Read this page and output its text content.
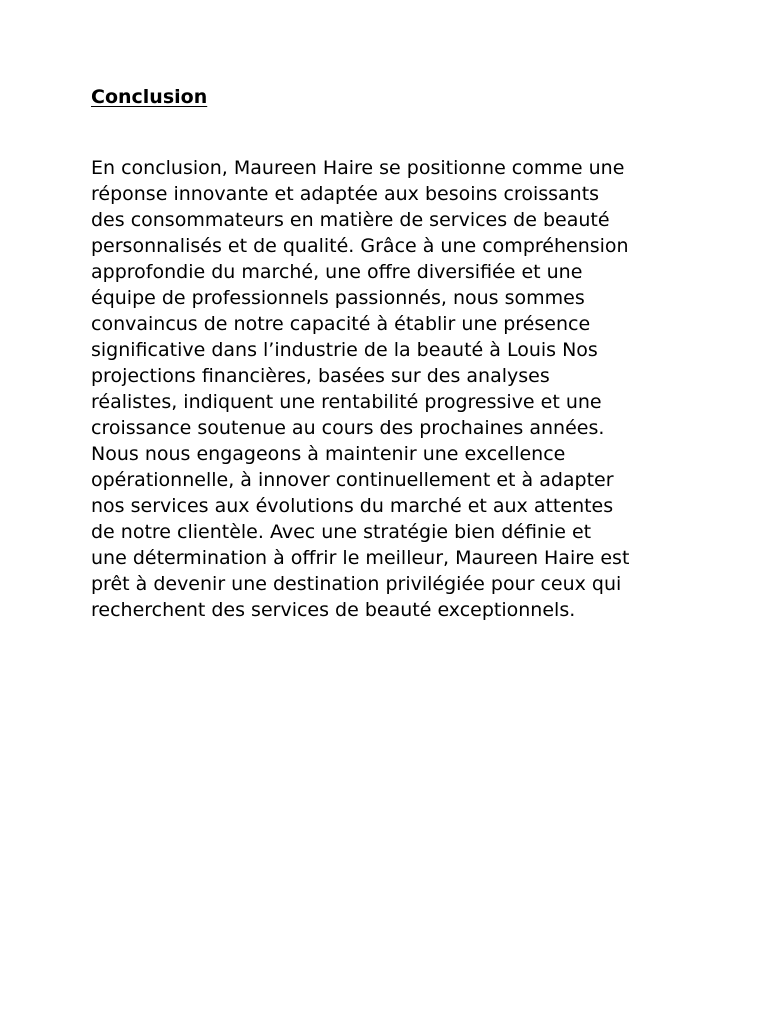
Conclusion

En conclusion, Maureen Haire se positionne comme une
réponse innovante et adaptée aux besoins croissants
des consommateurs en matière de services de beauté
personnalisés et de qualité. Grâce à une compréhension
approfondie du marché, une offre diversifiée et une
équipe de professionnels passionnés, nous sommes
convaincus de notre capacité à établir une présence
significative dans l’industrie de la beauté à Louis Nos
projections financières, basées sur des analyses
réalistes, indiquent une rentabilité progressive et une
croissance soutenue au cours des prochaines années.
Nous nous engageons à maintenir une excellence
opérationnelle, à innover continuellement et à adapter
nos services aux évolutions du marché et aux attentes
de notre clientèle. Avec une stratégie bien définie et
une détermination à offrir le meilleur, Maureen Haire est
prêt à devenir une destination privilégiée pour ceux qui
recherchent des services de beauté exceptionnels.
